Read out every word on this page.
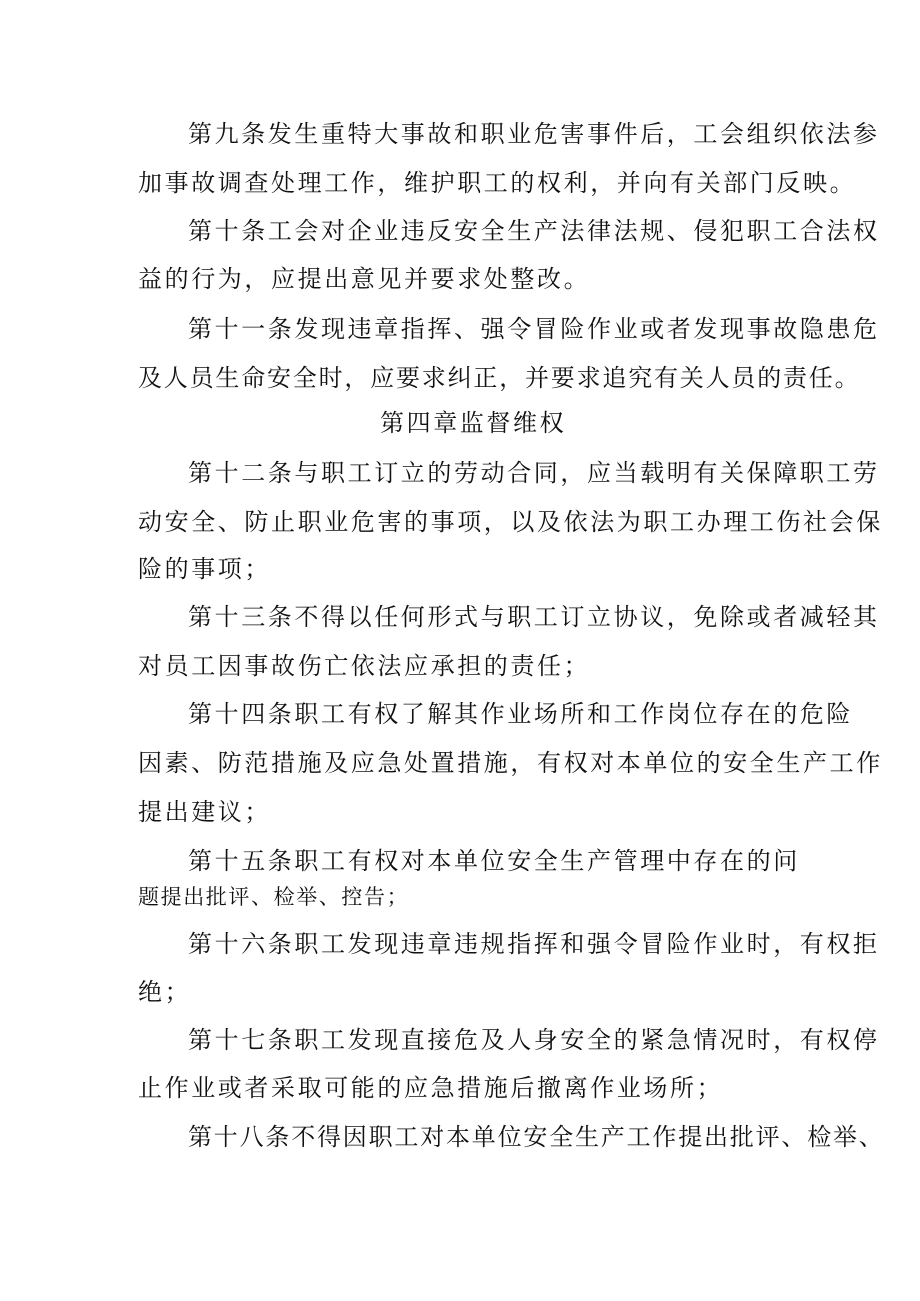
第九条发生重特大事故和职业危害事件后，工会组织依法参

加事故调查处理工作，维护职工的权利，并向有关部门反映。

第十条工会对企业违反安全生产法律法规、侵犯职工合法权

益的行为，应提出意见并要求处整改。

第十一条发现违章指挥、强令冒险作业或者发现事故隐患危

及人员生命安全时，应要求纠正，并要求追究有关人员的责任。

第四章监督维权

第十二条与职工订立的劳动合同，应当载明有关保障职工劳

动安全、防止职业危害的事项，以及依法为职工办理工伤社会保

险的事项；

第十三条不得以任何形式与职工订立协议，免除或者减轻其

对员工因事故伤亡依法应承担的责任；

第十四条职工有权了解其作业场所和工作岗位存在的危险

因素、防范措施及应急处置措施，有权对本单位的安全生产工作

提出建议；

第十五条职工有权对本单位安全生产管理中存在的问

题提出批评、检举、控告；

第十六条职工发现违章违规指挥和强令冒险作业时，有权拒

绝；

第十七条职工发现直接危及人身安全的紧急情况时，有权停

止作业或者采取可能的应急措施后撤离作业场所；

第十八条不得因职工对本单位安全生产工作提出批评、检举、
